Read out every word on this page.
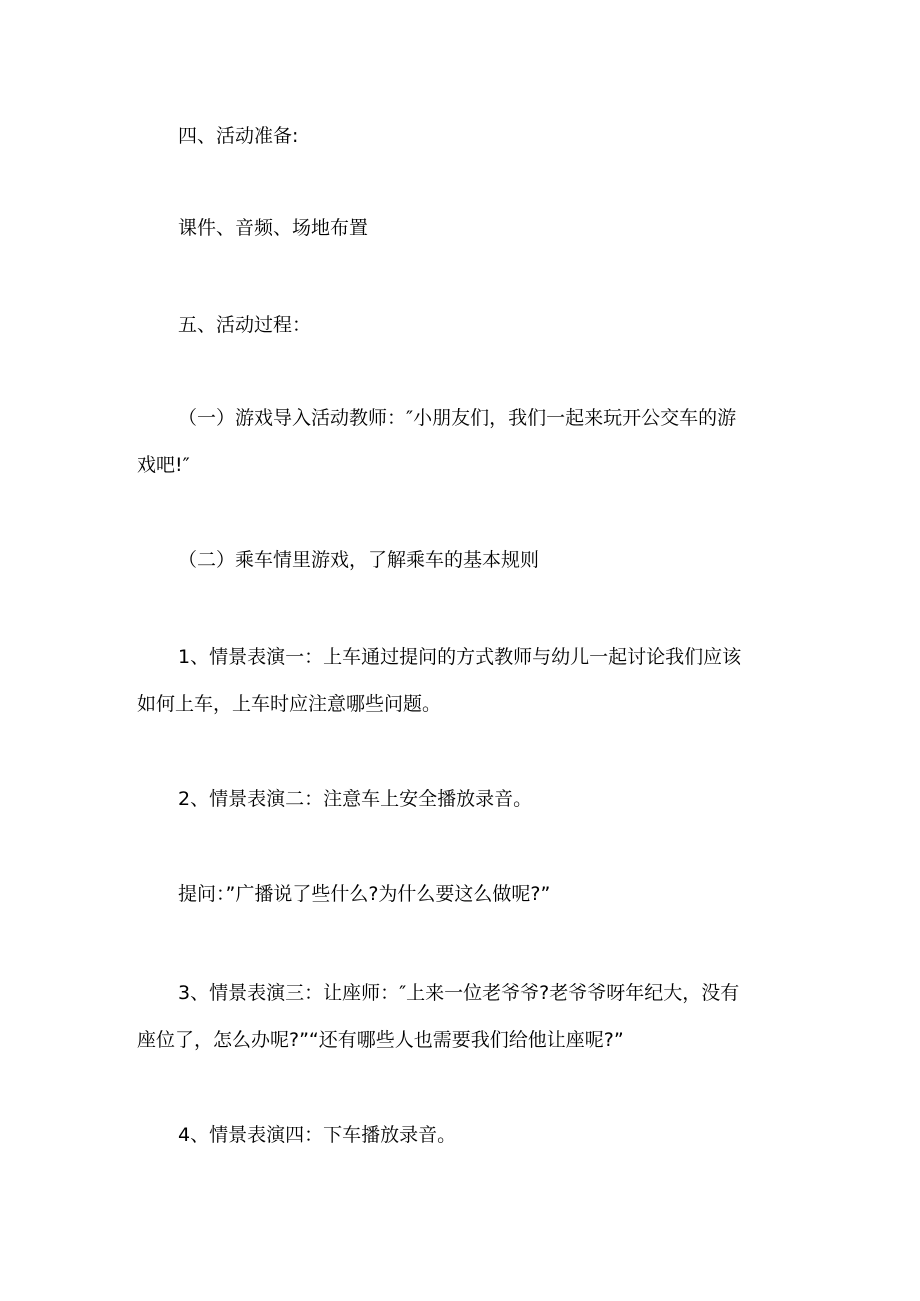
四、活动准备:
课件、音频、场地布置
五、活动过程：
（一）游戏导入活动教师：″小朋友们，我们一起来玩开公交车的游
戏吧!″
（二）乘车情里游戏，了解乘车的基本规则
1、情景表演一：上车通过提问的方式教师与幼儿一起讨论我们应该
如何上车，上车时应注意哪些问题。
2、情景表演二：注意车上安全播放录音。
提问：”广播说了些什么?为什么要这么做呢?”
3、情景表演三：让座师：″上来一位老爷爷?老爷爷呀年纪大，没有
座位了，怎么办呢?”“还有哪些人也需要我们给他让座呢?”
4、情景表演四：下车播放录音。
